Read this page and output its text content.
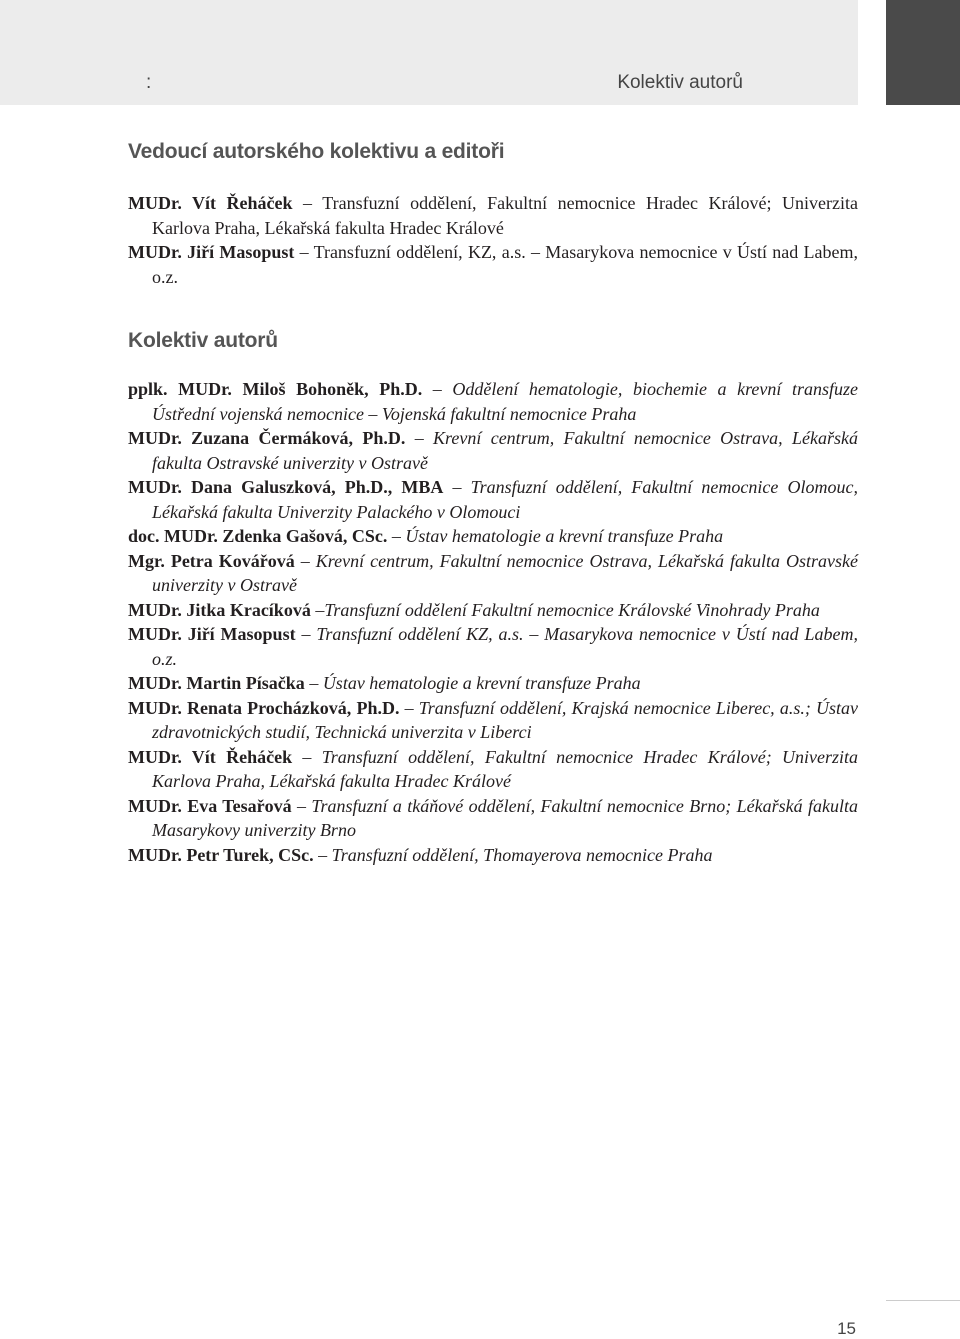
:	Kolektiv autorů
Vedoucí autorského kolektivu a editoři
MUDr. Vít Řeháček – Transfuzní oddělení, Fakultní nemocnice Hradec Králové; Univerzita Karlova Praha, Lékařská fakulta Hradec Králové
MUDr. Jiří Masopust – Transfuzní oddělení, KZ, a.s. – Masarykova nemocnice v Ústí nad Labem, o.z.
Kolektiv autorů
pplk. MUDr. Miloš Bohoněk, Ph.D. – Oddělení hematologie, biochemie a krevní transfuze Ústřední vojenská nemocnice – Vojenská fakultní nemocnice Praha
MUDr. Zuzana Čermáková, Ph.D. – Krevní centrum, Fakultní nemocnice Ostrava, Lékařská fakulta Ostravské univerzity v Ostravě
MUDr. Dana Galuszková, Ph.D., MBA – Transfuzní oddělení, Fakultní nemocnice Olomouc, Lékařská fakulta Univerzity Palackého v Olomouci
doc. MUDr. Zdenka Gašová, CSc. – Ústav hematologie a krevní transfuze Praha
Mgr. Petra Kovářová – Krevní centrum, Fakultní nemocnice Ostrava, Lékařská fakulta Ostravské univerzity v Ostravě
MUDr. Jitka Kracíková –Transfuzní oddělení Fakultní nemocnice Královské Vinohrady Praha
MUDr. Jiří Masopust – Transfuzní oddělení KZ, a.s. – Masarykova nemocnice v Ústí nad Labem, o.z.
MUDr. Martin Písačka – Ústav hematologie a krevní transfuze Praha
MUDr. Renata Procházková, Ph.D. – Transfuzní oddělení, Krajská nemocnice Liberec, a.s.; Ústav zdravotnických studií, Technická univerzita v Liberci
MUDr. Vít Řeháček – Transfuzní oddělení, Fakultní nemocnice Hradec Králové; Univerzita Karlova Praha, Lékařská fakulta Hradec Králové
MUDr. Eva Tesařová – Transfuzní a tkáňové oddělení, Fakultní nemocnice Brno; Lékařská fakulta Masarykovy univerzity Brno
MUDr. Petr Turek, CSc. – Transfuzní oddělení, Thomayerova nemocnice Praha
15
